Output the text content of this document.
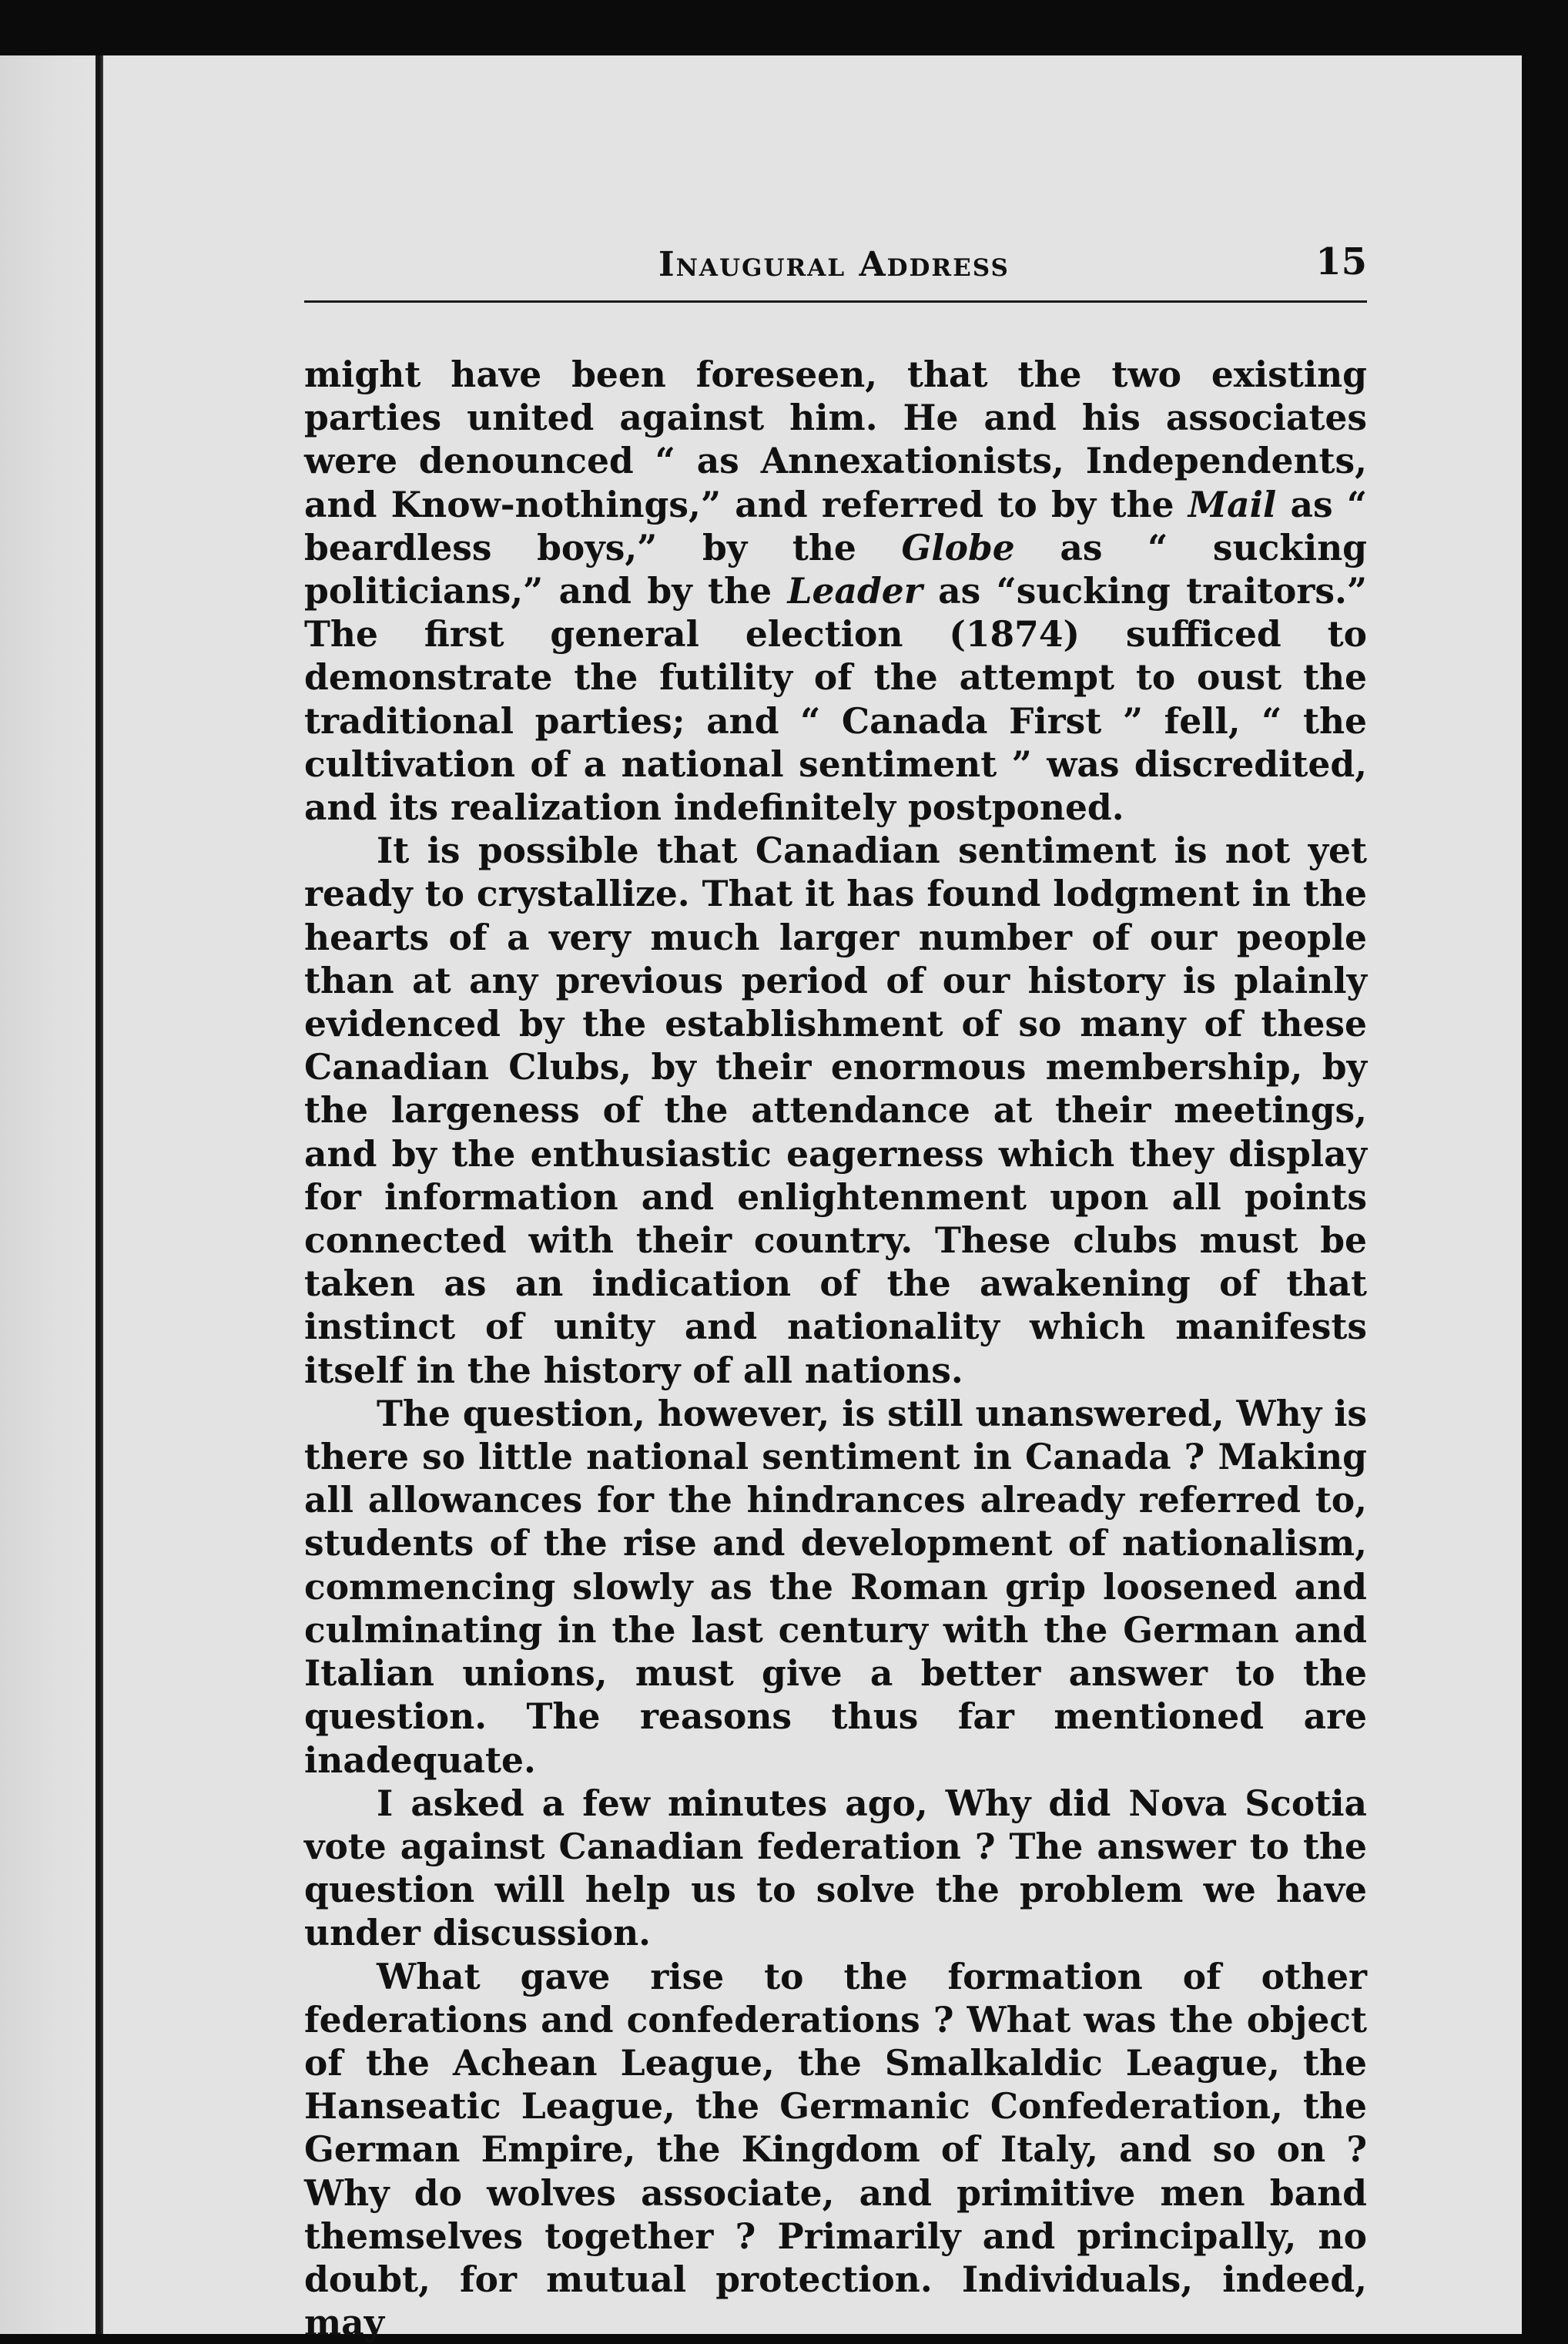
Inaugural Address	15

might have been foreseen, that the two existing parties united against him. He and his associates were denounced “ as Annexationists, Independents, and Know-nothings,” and referred to by the Mail as “ beardless boys,” by the Globe as “ sucking politicians,” and by the Leader as “sucking traitors.” The first general election (1874) sufficed to demonstrate the futility of the attempt to oust the traditional parties; and “ Canada First ” fell, “ the cultivation of a national sentiment ” was discredited, and its realization indefinitely postponed.

It is possible that Canadian sentiment is not yet ready to crystallize. That it has found lodgment in the hearts of a very much larger number of our people than at any previous period of our history is plainly evidenced by the establishment of so many of these Canadian Clubs, by their enormous membership, by the largeness of the attendance at their meetings, and by the enthusiastic eagerness which they display for information and enlightenment upon all points connected with their country. These clubs must be taken as an indication of the awakening of that instinct of unity and nationality which manifests itself in the history of all nations.

The question, however, is still unanswered, Why is there so little national sentiment in Canada ? Making all allowances for the hindrances already referred to, students of the rise and development of nationalism, commencing slowly as the Roman grip loosened and culminating in the last century with the German and Italian unions, must give a better answer to the question. The reasons thus far mentioned are inadequate.

I asked a few minutes ago, Why did Nova Scotia vote against Canadian federation ? The answer to the question will help us to solve the problem we have under discussion.

What gave rise to the formation of other federations and confederations ? What was the object of the Achean League, the Smalkaldic League, the Hanseatic League, the Germanic Confederation, the German Empire, the Kingdom of Italy, and so on ? Why do wolves associate, and primitive men band themselves together ? Primarily and principally, no doubt, for mutual protection. Individuals, indeed, may
